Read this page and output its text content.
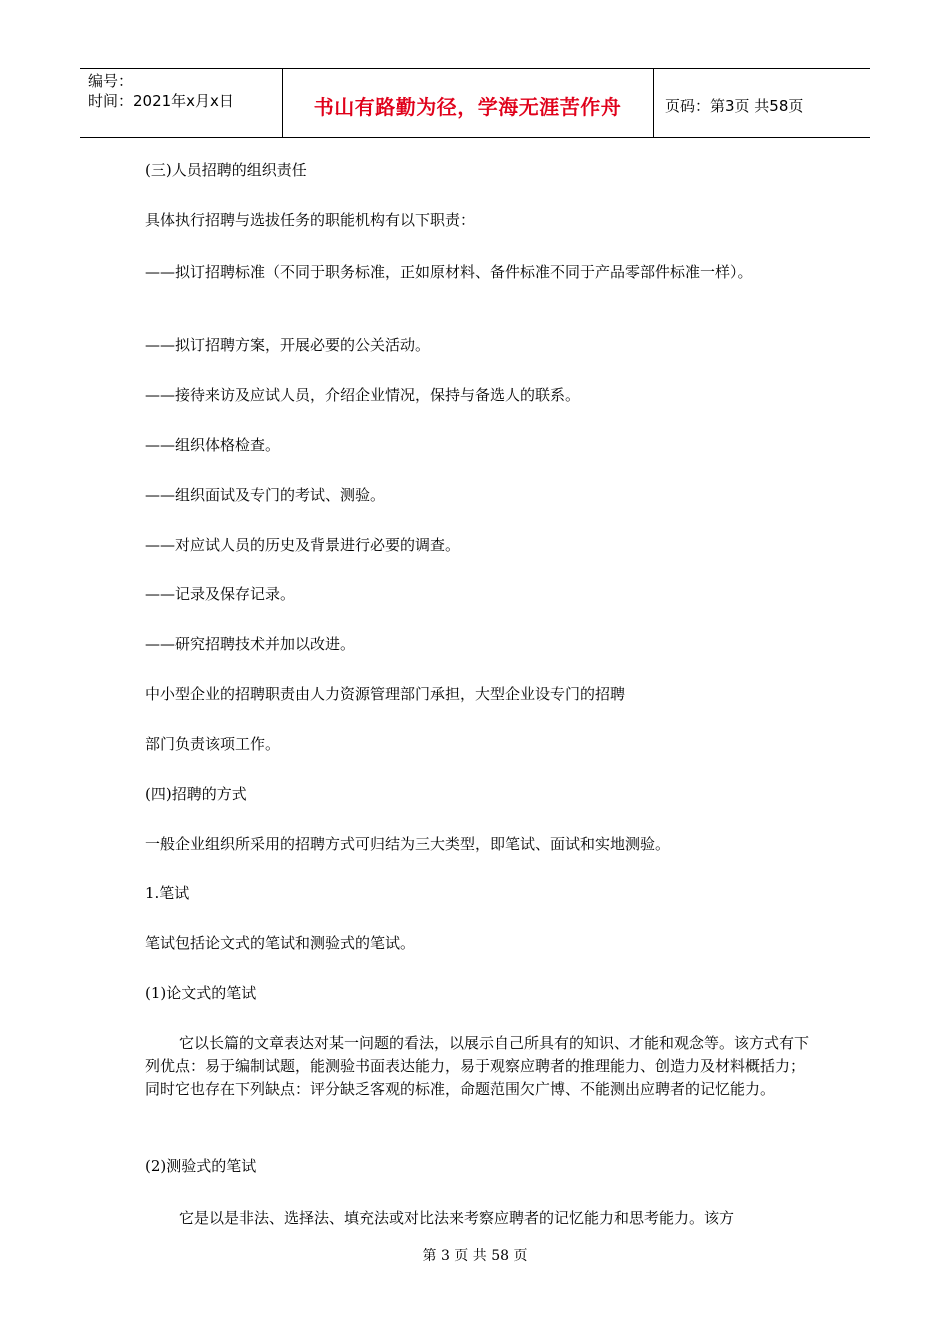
编号：
时间：2021年x月x日	书山有路勤为径，学海无涯苦作舟	页码：第3页 共58页
(三)人员招聘的组织责任
具体执行招聘与选拔任务的职能机构有以下职责：
——拟订招聘标准（不同于职务标准，正如原材料、备件标准不同于产品零部件标准一样）。
——拟订招聘方案，开展必要的公关活动。
——接待来访及应试人员，介绍企业情况，保持与备选人的联系。
——组织体格检查。
——组织面试及专门的考试、测验。
——对应试人员的历史及背景进行必要的调查。
——记录及保存记录。
——研究招聘技术并加以改进。
中小型企业的招聘职责由人力资源管理部门承担，大型企业设专门的招聘
部门负责该项工作。
(四)招聘的方式
一般企业组织所采用的招聘方式可归结为三大类型，即笔试、面试和实地测验。
1.笔试
笔试包括论文式的笔试和测验式的笔试。
(1)论文式的笔试
它以长篇的文章表达对某一问题的看法，以展示自己所具有的知识、才能和观念等。该方式有下列优点：易于编制试题，能测验书面表达能力，易于观察应聘者的推理能力、创造力及材料概括力；同时它也存在下列缺点：评分缺乏客观的标准，命题范围欠广博、不能测出应聘者的记忆能力。
(2)测验式的笔试
它是以是非法、选择法、填充法或对比法来考察应聘者的记忆能力和思考能力。该方
第 3 页 共 58 页
